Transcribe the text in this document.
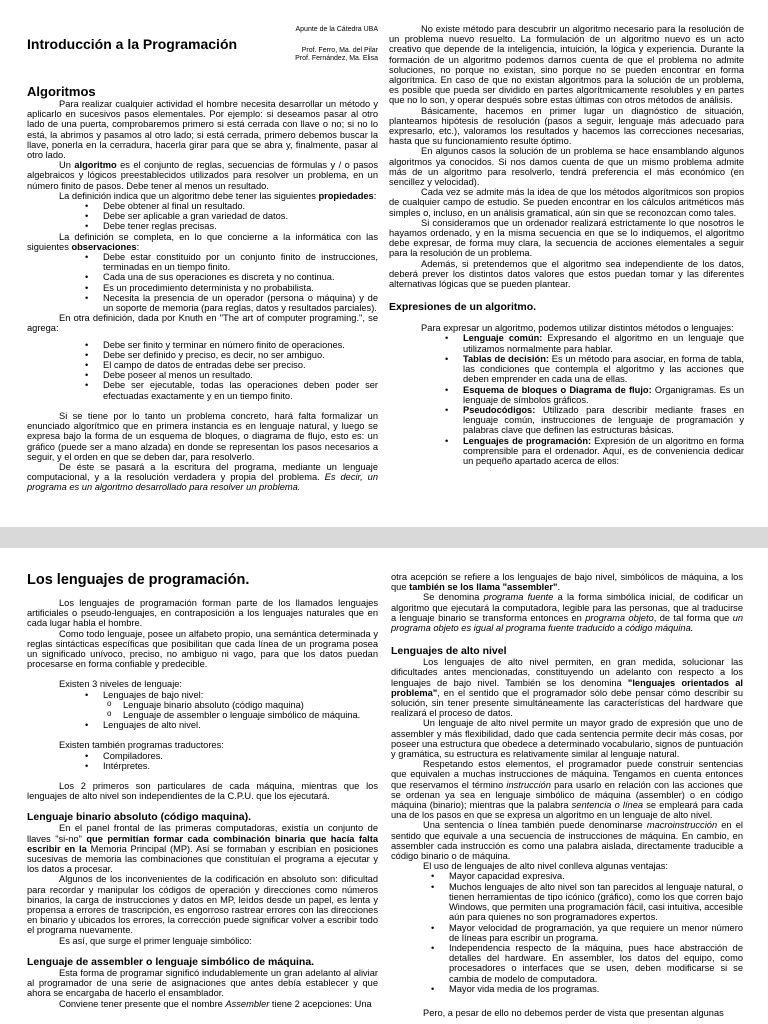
Introducción a la Programación
Algoritmos

Para realizar cualquier actividad el hombre necesita desarrollar un método y aplicarlo en sucesivos pasos elementales. Por ejemplo: si deseamos pasar al otro lado de una puerta, comprobaremos primero si está cerrada con llave o no; si no lo está, la abrimos y pasamos al otro lado; si está cerrada, primero debemos buscar la llave, ponerla en la cerradura, hacerla girar para que se abra y, finalmente, pasar al otro lado.

Un algoritmo es el conjunto de reglas, secuencias de fórmulas y / o pasos algebraicos y lógicos preestablecidos utilizados para resolver un problema, en un número finito de pasos. Debe tener al menos un resultado.

La definición indica que un algoritmo debe tener las siguientes propiedades:

• Debe obtener al final un resultado.
• Debe ser aplicable a gran variedad de datos.
• Debe tener reglas precisas.

La definición se completa, en lo que concierne a la informática con las siguientes observaciones:

• Debe estar constituido por un conjunto finito de instrucciones, terminadas en un tiempo finito.
• Cada una de sus operaciones es discreta y no continua.
• Es un procedimiento determinista y no probabilista.
• Necesita la presencia de un operador (persona o máquina) y de un soporte de memoria (para reglas, datos y resultados parciales).

En otra definición, dada por Knuth en "The art of computer programing.", se agrega:

• Debe ser finito y terminar en número finito de operaciones.
• Debe ser definido y preciso, es decir, no ser ambiguo.
• El campo de datos de entradas debe ser preciso.
• Debe poseer al menos un resultado.
• Debe ser ejecutable, todas las operaciones deben poder ser efectuadas exactamente y en un tiempo finito.

Si se tiene por lo tanto un problema concreto, hará falta formalizar un enunciado algorítmico que en primera instancia es en lenguaje natural, y luego se expresa bajo la forma de un esquema de bloques, o diagrama de flujo, esto es: un gráfico (puede ser a mano alzada) en donde se representan los pasos necesarios a seguir, y el orden en que se deben dar, para resolverlo.

De éste se pasará a la escritura del programa, mediante un lenguaje computacional, y a la resolución verdadera y propia del problema. Es decir, un programa es un algoritmo desarrollado para resolver un problema.

Apunte de la Cátedra UBA
Prof. Ferro, Ma. del Pilar
Prof. Fernández, Ma. Elisa

No existe método para descubrir un algoritmo necesario para la resolución de un problema nuevo resuelto. La formulación de un algoritmo nuevo es un acto creativo que depende de la inteligencia, intuición, la lógica y experiencia. Durante la formación de un algoritmo podemos darnos cuenta de que el problema no admite soluciones, no porque no existan, sino porque no se pueden encontrar en forma algorítmica. En caso de que no existan algoritmos para la solución de un problema, es posible que pueda ser dividido en partes algorítmicamente resolubles y en partes que no lo son, y operar después sobre estas últimas con otros métodos de análisis.

Básicamente, hacemos en primer lugar un diagnóstico de situación, planteamos hipótesis de resolución (pasos a seguir, lenguaje más adecuado para expresarlo, etc.), valoramos los resultados y hacemos las correcciones necesarias, hasta que su funcionamiento resulte óptimo.

En algunos casos la solución de un problema se hace ensamblando algunos algoritmos ya conocidos. Si nos damos cuenta de que un mismo problema admite más de un algoritmo para resolverlo, tendrá preferencia el más económico (en sencillez y velocidad).

Cada vez se admite más la idea de que los métodos algorítmicos son propios de cualquier campo de estudio. Se pueden encontrar en los cálculos aritméticos más simples o, incluso, en un análisis gramatical, aún sin que se reconozcan como tales.

Si consideramos que un ordenador realizará estrictamente lo que nosotros le hayamos ordenado, y en la misma secuencia en que se lo indiquemos, el algoritmo debe expresar, de forma muy clara, la secuencia de acciones elementales a seguir para la resolución de un problema.

Además, si pretendemos que el algoritmo sea independiente de los datos, deberá prever los distintos datos valores que estos puedan tomar y las diferentes alternativas lógicas que se pueden plantear.

Expresiones de un algoritmo.

Para expresar un algoritmo, podemos utilizar distintos métodos o lenguajes:

• Lenguaje común: Expresando el algoritmo en un lenguaje que utilizamos normalmente para hablar.
• Tablas de decisión: Es un método para asociar, en forma de tabla, las condiciones que contempla el algoritmo y las acciones que deben emprender en cada una de ellas.
• Esquema de bloques o Diagrama de flujo: Organigramas. Es un lenguaje de símbolos gráficos.
• Pseudocódigos: Utilizado para describir mediante frases en lenguaje común, instrucciones de lenguaje de programación y palabras clave que definen las estructuras básicas.
• Lenguajes de programación: Expresión de un algoritmo en forma comprensible para el ordenador. Aquí, es de conveniencia dedicar un pequeño apartado acerca de ellos:
Los lenguajes de programación.

Los lenguajes de programación forman parte de los llamados lenguajes artificiales o pseudo-lenguajes, en contraposición a los lenguajes naturales que en cada lugar habla el hombre.

Como todo lenguaje, posee un alfabeto propio, una semántica determinada y reglas sintácticas específicas que posibilitan que cada línea de un programa posea un significado unívoco, preciso, no ambiguo ni vago, para que los datos puedan procesarse en forma confiable y predecible.

Existen 3 niveles de lenguaje:

• Lenguajes de bajo nivel:
o Lenguaje binario absoluto (código maquina)
o Lenguaje de assembler o lenguaje simbólico de máquina.
• Lenguajes de alto nivel.

Existen también programas traductores:

• Compiladores.
• Intérpretes.

Los 2 primeros son particulares de cada máquina, mientras que los lenguajes de alto nivel son independientes de la C.P.U. que los ejecutará.

Lenguaje binario absoluto (código maquina).

En el panel frontal de las primeras computadoras, existía un conjunto de llaves "si-no" que permitían formar cada combinación binaria que hacía falta escribir en la Memoria Principal (MP). Así se formaban y escribían en posiciones sucesivas de memoria las combinaciones que constituían el programa a ejecutar y los datos a procesar.

Algunos de los inconvenientes de la codificación en absoluto son: dificultad para recordar y manipular los códigos de operación y direcciones como números binarios, la carga de instrucciones y datos en MP, leídos desde un papel, es lenta y propensa a errores de trascripción, es engorroso rastrear errores con las direcciones en binario y ubicados los errores, la corrección puede significar volver a escribir todo el programa nuevamente.

Es así, que surge el primer lenguaje simbólico:

Lenguaje de assembler o lenguaje simbólico de máquina.

Esta forma de programar significó indudablemente un gran adelanto al aliviar al programador de una serie de asignaciones que antes debía establecer y que ahora se encargaba de hacerlo el ensamblador.

Conviene tener presente que el nombre Assembler tiene 2 acepciones: Una

otra acepción se refiere a los lenguajes de bajo nivel, simbólicos de máquina, a los que también se los llama "assembler".

Se denomina programa fuente a la forma simbólica inicial, de codificar un algoritmo que ejecutará la computadora, legible para las personas, que al traducirse a lenguaje binario se transforma entonces en programa objeto, de tal forma que un programa objeto es igual al programa fuente traducido a código máquina.

Lenguajes de alto nivel

Los lenguajes de alto nivel permiten, en gran medida, solucionar las dificultades antes mencionadas, constituyendo un adelanto con respecto a los lenguajes de bajo nivel. También se los denomina "lenguajes orientados al problema", en el sentido que el programador sólo debe pensar cómo describir su solución, sin tener presente simultáneamente las características del hardware que realizará el proceso de datos.

Un lenguaje de alto nivel permite un mayor grado de expresión que uno de assembler y más flexibilidad, dado que cada sentencia permite decir más cosas, por poseer una estructura que obedece a determinado vocabulario, signos de puntuación y gramática, su estructura es relativamente similar al lenguaje natural.

Respetando estos elementos, el programador puede construir sentencias que equivalen a muchas instrucciones de máquina. Tengamos en cuenta entonces que reservamos el término instrucción para usarlo en relación con las acciones que se ordenan ya sea en lenguaje simbólico de máquina (assembler) o en código máquina (binario); mientras que la palabra sentencia o línea se empleará para cada una de los pasos en que se expresa un algoritmo en un lenguaje de alto nivel.

Una sentencia o línea también puede denominarse macroinstrucción en el sentido que equivale a una secuencia de instrucciones de máquina. En cambio, en assembler cada instrucción es como una palabra aislada, directamente traducible a código binario o de máquina.

El uso de lenguajes de alto nivel conlleva algunas ventajas:

• Mayor capacidad expresiva.
• Muchos lenguajes de alto nivel son tan parecidos al lenguaje natural, o tienen herramientas de tipo icónico (gráfico), como los que corren bajo Windows, que permiten una programación fácil, casi intuitiva, accesible aún para quienes no son programadores expertos.
• Mayor velocidad de programación, ya que requiere un menor número de líneas para escribir un programa.
• Independencia respecto de la máquina, pues hace abstracción de detalles del hardware. En assembler, los datos del equipo, como procesadores o interfaces que se usen, deben modificarse si se cambia de modelo de computadora.
• Mayor vida media de los programas.

Pero, a pesar de ello no debemos perder de vista que presentan algunas
